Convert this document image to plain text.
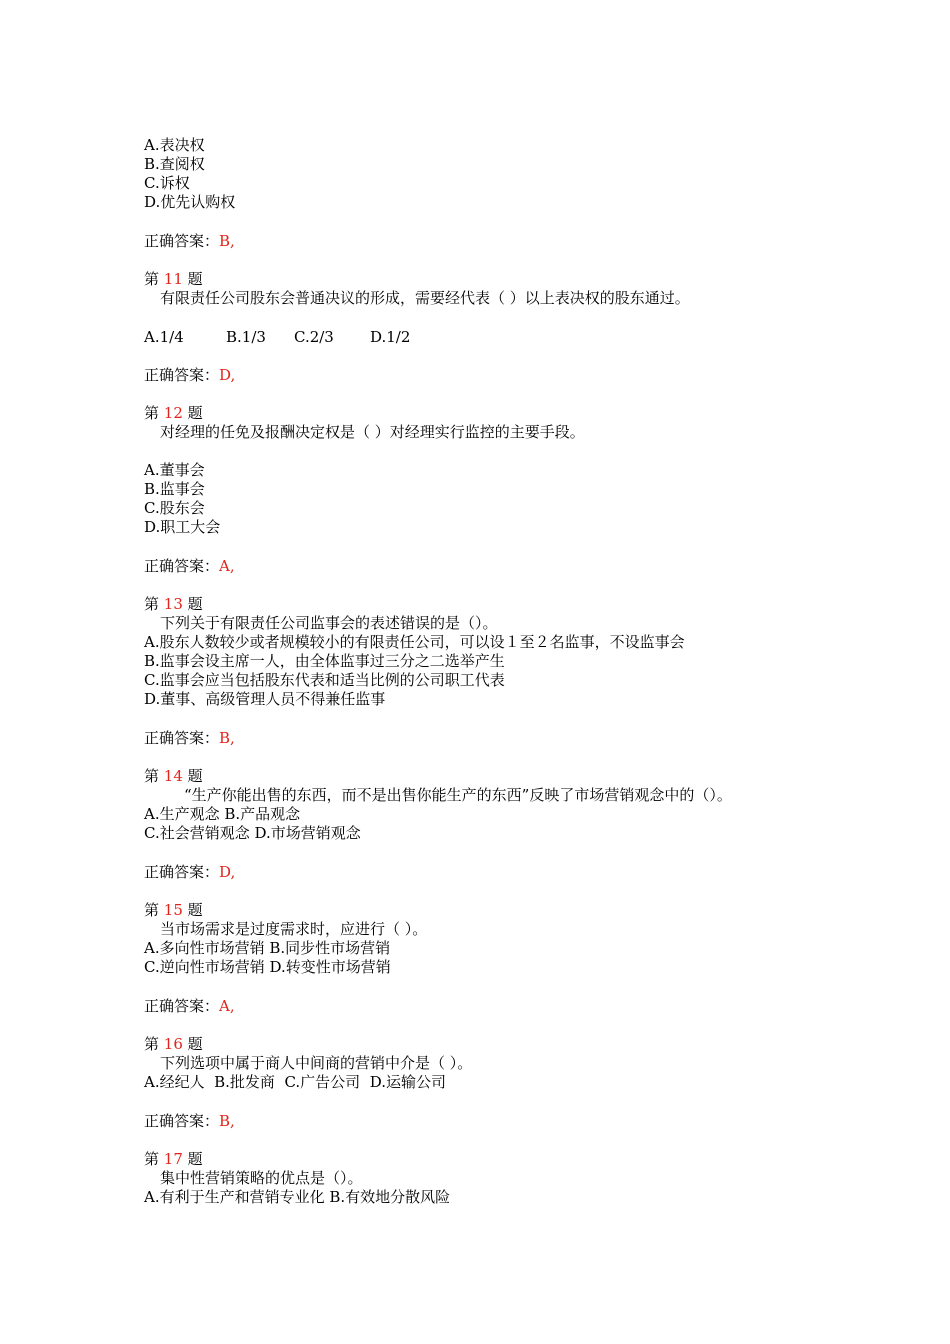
A.表决权
B.查阅权
C.诉权
D.优先认购权
正确答案：B,
第 11 题
有限责任公司股东会普通决议的形成，需要经代表（ ）以上表决权的股东通过。
A.1/4	B.1/3 C.2/3 D.1/2
正确答案：D,
第 12 题
对经理的任免及报酬决定权是（ ）对经理实行监控的主要手段。
A.董事会
B.监事会
C.股东会
D.职工大会
正确答案：A,
第 13 题
下列关于有限责任公司监事会的表述错误的是（）。
A.股东人数较少或者规模较小的有限责任公司，可以设１至２名监事，不设监事会
B.监事会设主席一人，由全体监事过三分之二选举产生
C.监事会应当包括股东代表和适当比例的公司职工代表
D.董事、高级管理人员不得兼任监事
正确答案：B,
第 14 题
“生产你能出售的东西，而不是出售你能生产的东西”反映了市场营销观念中的（）。
A.生产观念 B.产品观念
C.社会营销观念 D.市场营销观念
正确答案：D,
第 15 题
当市场需求是过度需求时，应进行（ ）。
A.多向性市场营销 B.同步性市场营销
C.逆向性市场营销 D.转变性市场营销
正确答案：A,
第 16 题
下列选项中属于商人中间商的营销中介是（ ）。
A.经纪人  B.批发商  C.广告公司  D.运输公司
正确答案：B,
第 17 题
集中性营销策略的优点是（）。
A.有利于生产和营销专业化 B.有效地分散风险
